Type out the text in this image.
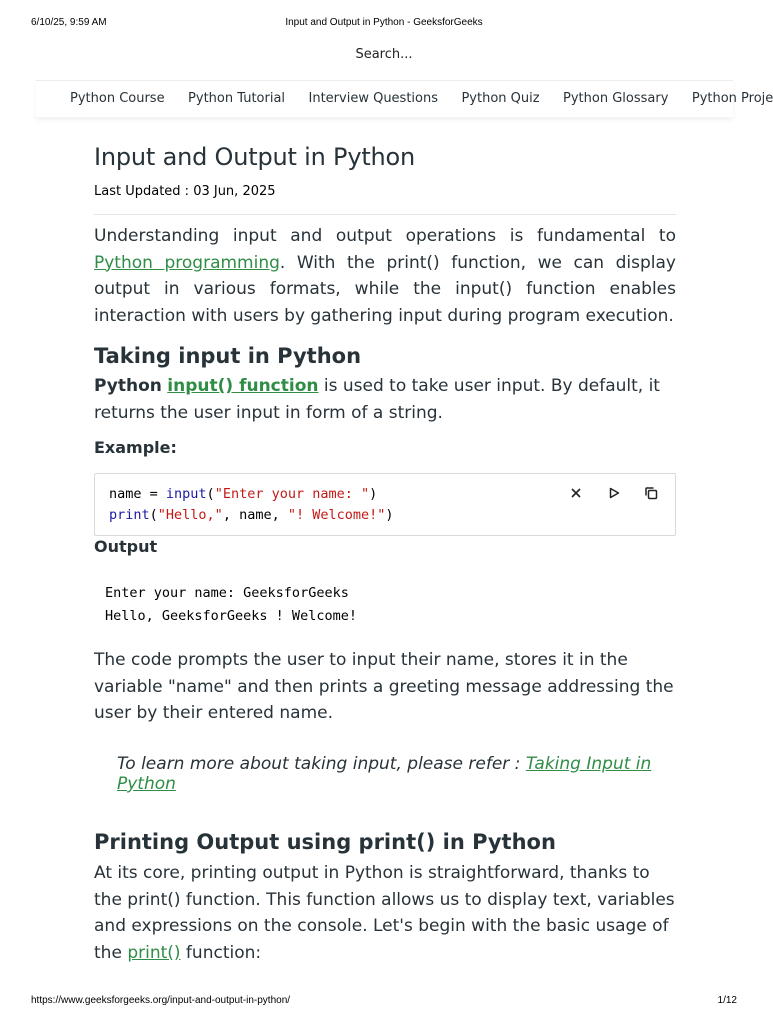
6/10/25, 9:59 AM	Input and Output in Python - GeeksforGeeks
Search...
Python Course Python Tutorial Interview Questions Python Quiz Python Glossary Python Proje
Input and Output in Python
Last Updated : 03 Jun, 2025

Understanding input and output operations is fundamental to Python programming. With the print() function, we can display output in various formats, while the input() function enables interaction with users by gathering input during program execution.

Taking input in Python

Python input() function is used to take user input. By default, it returns the user input in form of a string.

Example:
name = input("Enter your name: ")
print("Hello,", name, "! Welcome!")

Output
Enter your name: GeeksforGeeks
Hello, GeeksforGeeks ! Welcome!

The code prompts the user to input their name, stores it in the variable "name" and then prints a greeting message addressing the user by their entered name.

To learn more about taking input, please refer : Taking Input in Python
Printing Output using print() in Python

At its core, printing output in Python is straightforward, thanks to the print() function. This function allows us to display text, variables and expressions on the console. Let's begin with the basic usage of the print() function:

https://www.geeksforgeeks.org/input-and-output-in-python/	1/12
